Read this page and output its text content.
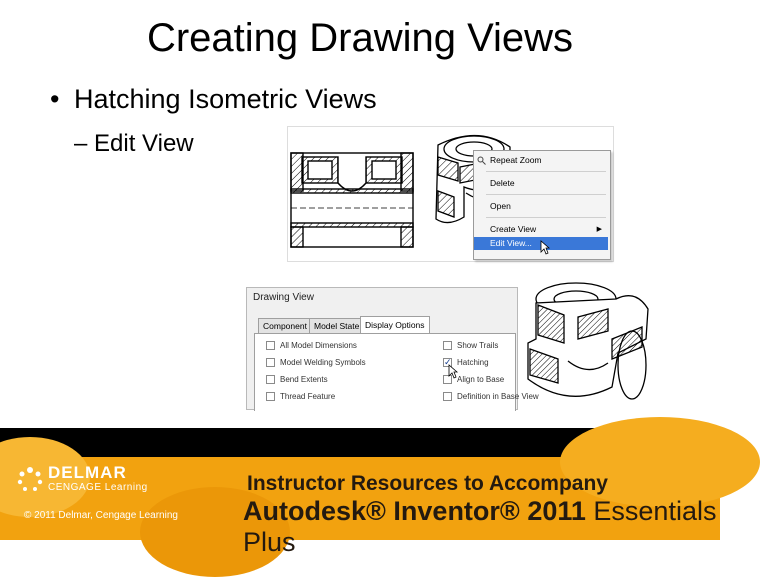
Creating Drawing Views
• Hatching Isometric Views
– Edit View
Repeat Zoom
Delete
Open
Create View	▶
Edit View...
Drawing View
Component Model State Display Options
All Model Dimensions
Model Welding Symbols
Bend Extents
Thread Feature
Show Trails
✓
Hatching
Align to Base
Definition in Base View
DELMAR
CENGAGE Learning
© 2011 Delmar, Cengage Learning
Instructor Resources to Accompany
Autodesk® Inventor® 2011 Essentials Plus
